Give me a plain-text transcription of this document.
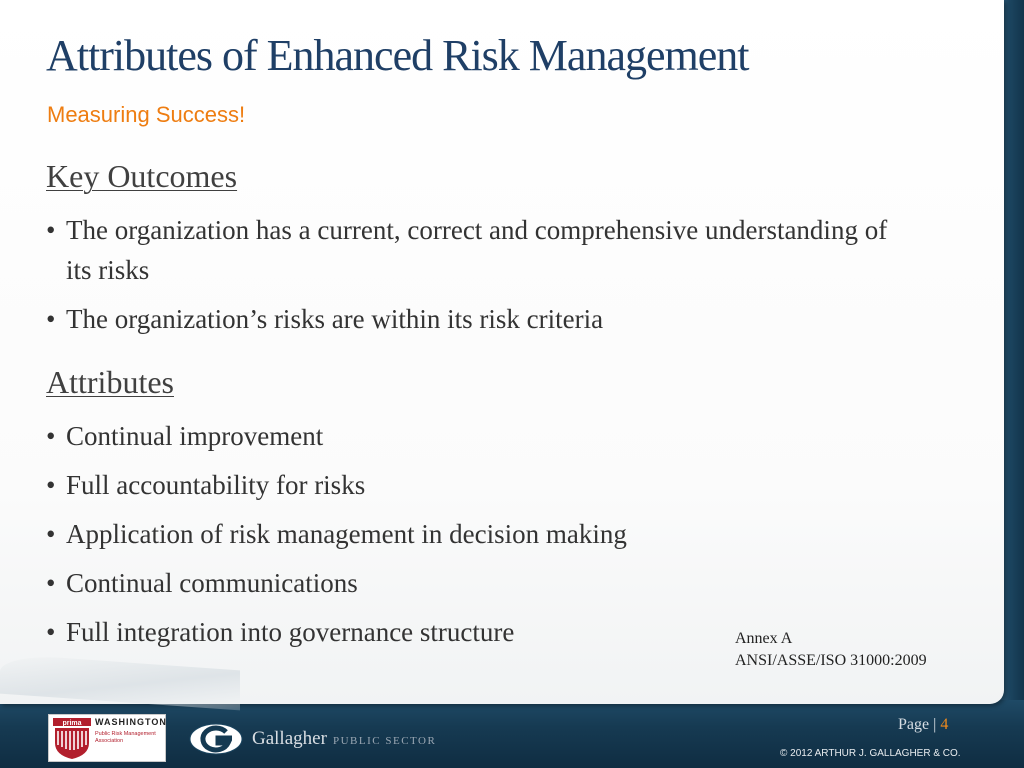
Attributes of Enhanced Risk Management

Measuring Success!

Key Outcomes
• The organization has a current, correct and comprehensive understanding of its risks
• The organization’s risks are within its risk criteria
Attributes
• Continual improvement
• Full accountability for risks
• Application of risk management in decision making
• Continual communications
• Full integration into governance structure	Annex A
ANSI/ASSE/ISO 31000:2009
prima WASHINGTON
Public Risk Management Association	Gallagher PUBLIC SECTOR
Page | 4
© 2012 ARTHUR J. GALLAGHER & CO.
